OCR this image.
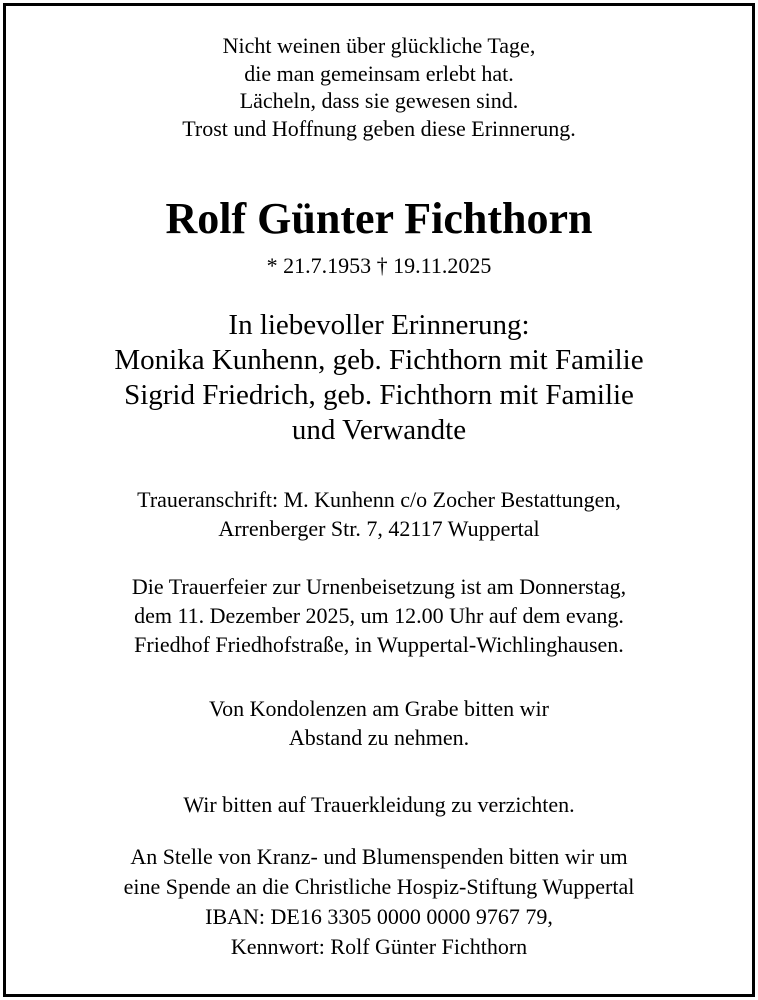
Nicht weinen über glückliche Tage,
die man gemeinsam erlebt hat.
Lächeln, dass sie gewesen sind.
Trost und Hoffnung geben diese Erinnerung.
Rolf Günter Fichthorn
* 21.7.1953 † 19.11.2025
In liebevoller Erinnerung:
Monika Kunhenn, geb. Fichthorn mit Familie
Sigrid Friedrich, geb. Fichthorn mit Familie
und Verwandte
Traueranschrift: M. Kunhenn c/o Zocher Bestattungen,
Arrenberger Str. 7, 42117 Wuppertal
Die Trauerfeier zur Urnenbeisetzung ist am Donnerstag,
dem 11. Dezember 2025, um 12.00 Uhr auf dem evang.
Friedhof Friedhofstraße, in Wuppertal-Wichlinghausen.
Von Kondolenzen am Grabe bitten wir
Abstand zu nehmen.
Wir bitten auf Trauerkleidung zu verzichten.
An Stelle von Kranz- und Blumenspenden bitten wir um
eine Spende an die Christliche Hospiz-Stiftung Wuppertal
IBAN: DE16 3305 0000 0000 9767 79,
Kennwort: Rolf Günter Fichthorn
